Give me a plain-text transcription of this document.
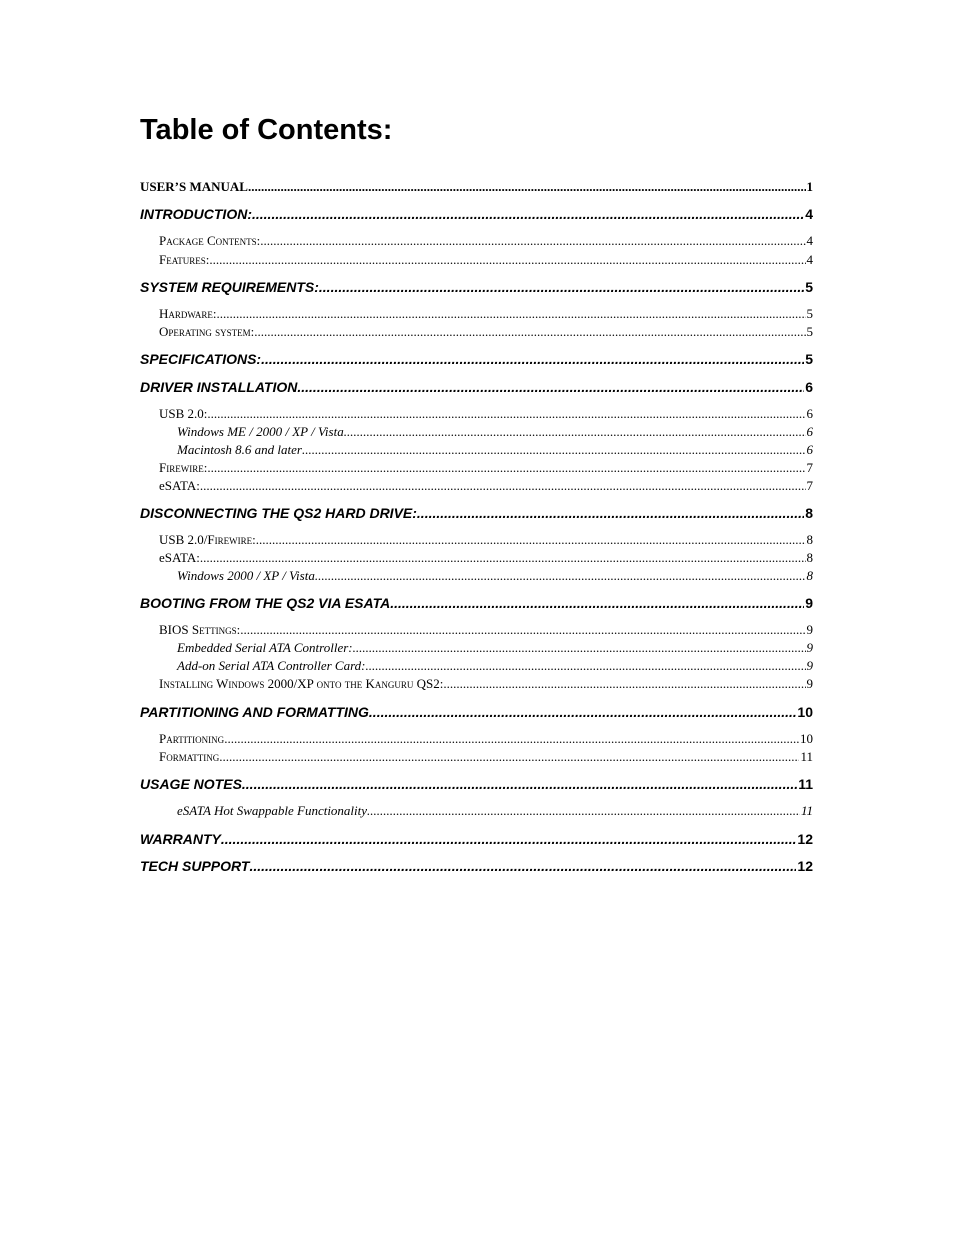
Table of Contents:
USER’S MANUAL .....	1
INTRODUCTION: .....	4
Package Contents: .....	4
Features: .....	4
SYSTEM REQUIREMENTS: .....	5
Hardware: .....	5
Operating system: .....	5
SPECIFICATIONS: .....	5
DRIVER INSTALLATION .....	6
USB 2.0: .....	6
Windows ME / 2000 / XP / Vista .....	6
Macintosh 8.6 and later .....	6
Firewire: .....	7
eSATA: .....	7
DISCONNECTING THE QS2 HARD DRIVE: .....	8
USB 2.0/Firewire: .....	8
eSATA: .....	8
Windows 2000 / XP / Vista .....	8
BOOTING FROM THE QS2 VIA ESATA .....	9
BIOS Settings: .....	9
Embedded Serial ATA Controller: .....	9
Add-on Serial ATA Controller Card: .....	9
Installing Windows 2000/XP onto the Kanguru QS2: .....	9
PARTITIONING AND FORMATTING .....	10
Partitioning .....	10
Formatting .....	11
USAGE NOTES .....	11
eSATA Hot Swappable Functionality .....	11
WARRANTY .....	12
TECH SUPPORT .....	12
